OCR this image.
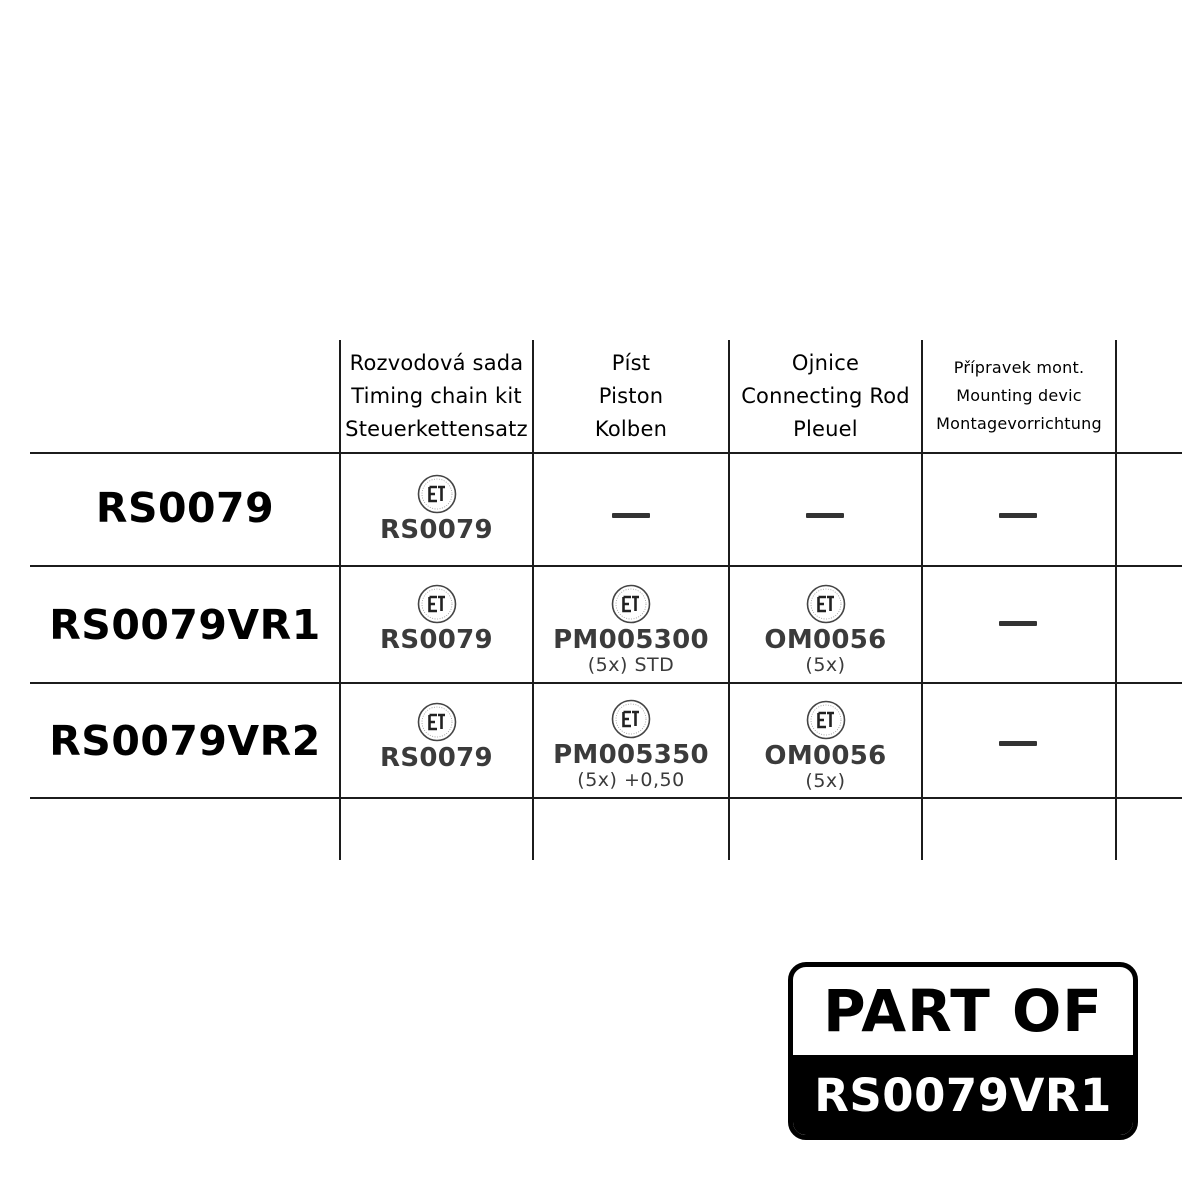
Rozvodová sada
Timing chain kit
Steuerkettensatz
Píst
Piston
Kolben
Ojnice
Connecting Rod
Pleuel
Přípravek mont.
Mounting devic
Montagevorrichtung
RS0079
RS0079VR1
RS0079VR2
RS0079
RS0079 PM005300
(5x) STD
OM0056
(5x)
RS0079 PM005350
(5x) +0,50
OM0056
(5x)
PART OF
RS0079VR1
